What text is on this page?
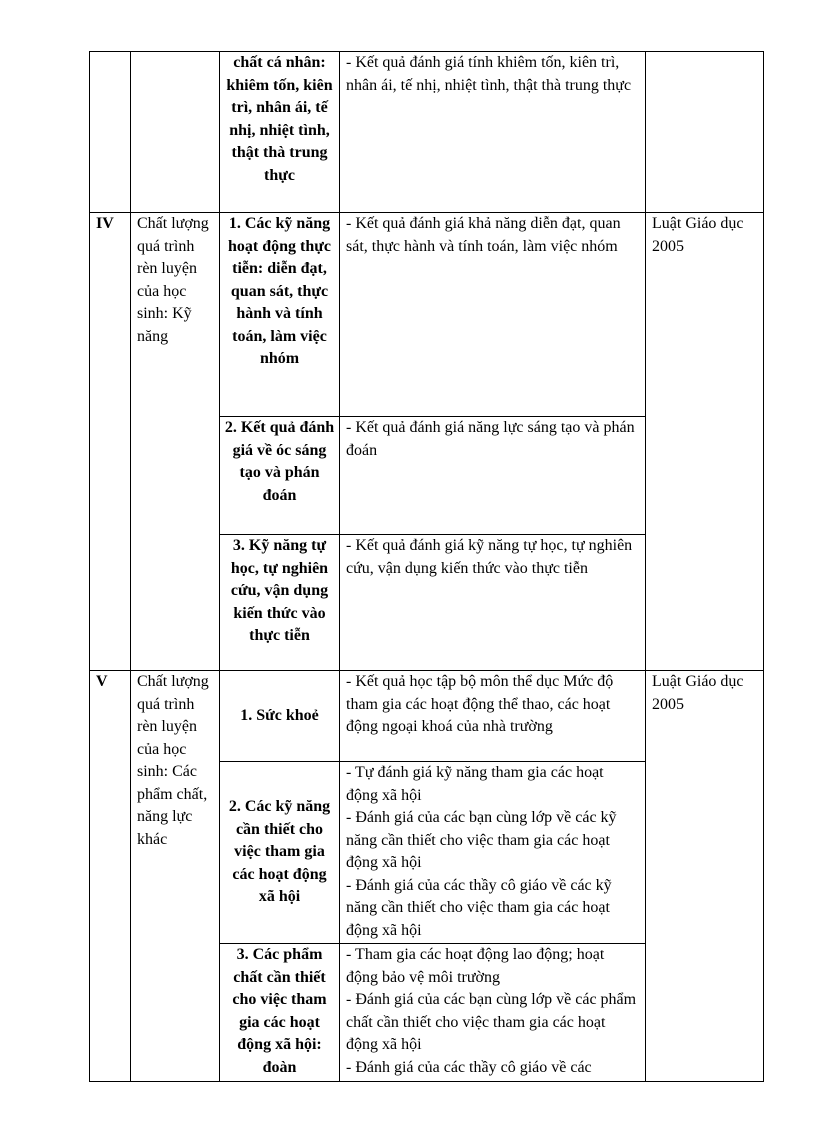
		chất cá nhân: khiêm tốn, kiên trì, nhân ái, tế nhị, nhiệt tình, thật thà trung thực	- Kết quả đánh giá tính khiêm tốn, kiên trì, nhân ái, tế nhị, nhiệt tình, thật thà trung thực	
IV	Chất lượng quá trình rèn luyện của học sinh: Kỹ năng	1. Các kỹ năng hoạt động thực tiễn: diễn đạt, quan sát, thực hành và tính toán, làm việc nhóm	- Kết quả đánh giá khả năng diễn đạt, quan sát, thực hành và tính toán, làm việc nhóm	Luật Giáo dục 2005
		2. Kết quả đánh giá về óc sáng tạo và phán đoán	- Kết quả đánh giá năng lực sáng tạo và phán đoán	
		3. Kỹ năng tự học, tự nghiên cứu, vận dụng kiến thức vào thực tiễn	- Kết quả đánh giá kỹ năng tự học, tự nghiên cứu, vận dụng kiến thức vào thực tiễn	
V	Chất lượng quá trình rèn luyện của học sinh: Các phẩm chất, năng lực khác	1. Sức khoẻ	- Kết quả học tập bộ môn thể dục Mức độ tham gia các hoạt động thể thao, các hoạt động ngoại khoá của nhà trường	Luật Giáo dục 2005
		2. Các kỹ năng cần thiết cho việc tham gia các hoạt động xã hội	- Tự đánh giá kỹ năng tham gia các hoạt động xã hội
- Đánh giá của các bạn cùng lớp về các kỹ năng cần thiết cho việc tham gia các hoạt động xã hội
- Đánh giá của các thầy cô giáo về các kỹ năng cần thiết cho việc tham gia các hoạt động xã hội	
		3. Các phẩm chất cần thiết cho việc tham gia các hoạt động xã hội: đoàn	- Tham gia các hoạt động lao động; hoạt động bảo vệ môi trường
- Đánh giá của các bạn cùng lớp về các phẩm chất cần thiết cho việc tham gia các hoạt động xã hội
- Đánh giá của các thầy cô giáo về các	
